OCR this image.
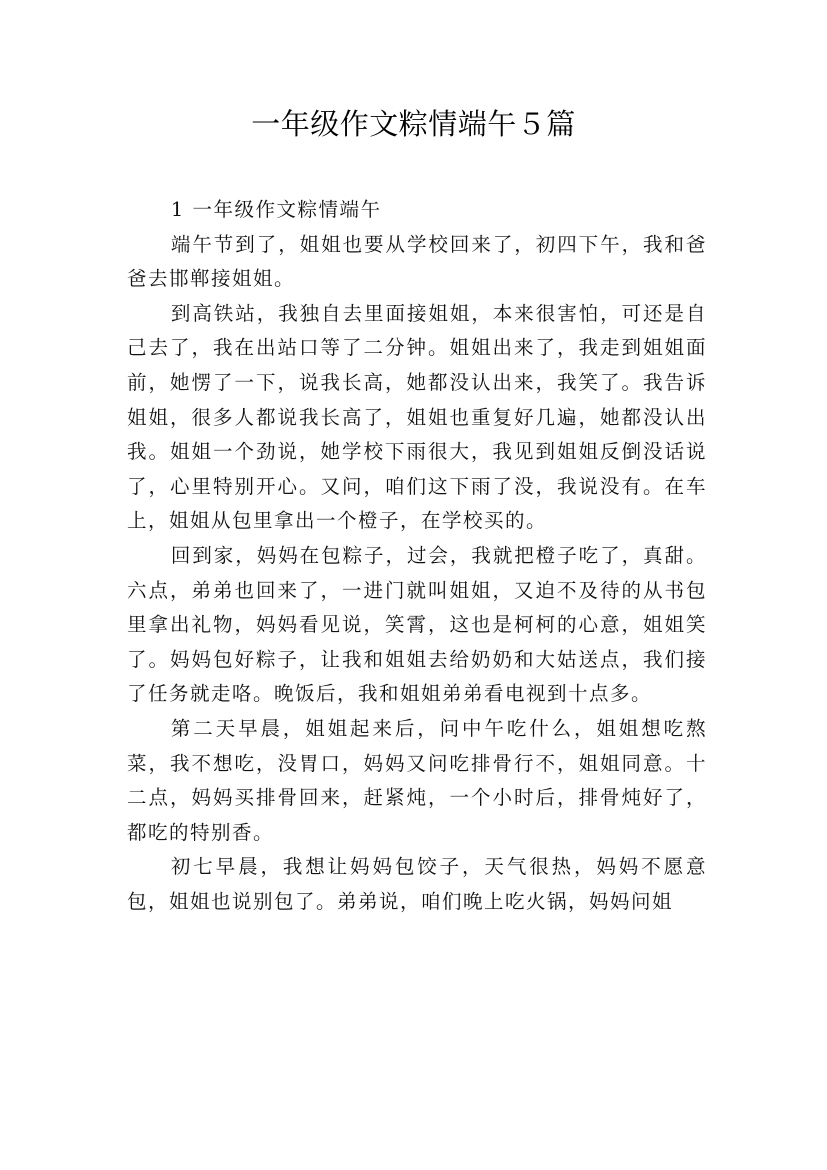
一年级作文粽情端午５篇

1 一年级作文粽情端午

端午节到了，姐姐也要从学校回来了，初四下午，我和爸爸去邯郸接姐姐。

到高铁站，我独自去里面接姐姐，本来很害怕，可还是自己去了，我在出站口等了二分钟。姐姐出来了，我走到姐姐面前，她愣了一下，说我长高，她都没认出来，我笑了。我告诉姐姐，很多人都说我长高了，姐姐也重复好几遍，她都没认出我。姐姐一个劲说，她学校下雨很大，我见到姐姐反倒没话说了，心里特别开心。又问，咱们这下雨了没，我说没有。在车上，姐姐从包里拿出一个橙子，在学校买的。

回到家，妈妈在包粽子，过会，我就把橙子吃了，真甜。六点，弟弟也回来了，一进门就叫姐姐，又迫不及待的从书包里拿出礼物，妈妈看见说，笑霄，这也是柯柯的心意，姐姐笑了。妈妈包好粽子，让我和姐姐去给奶奶和大姑送点，我们接了任务就走咯。晚饭后，我和姐姐弟弟看电视到十点多。

第二天早晨，姐姐起来后，问中午吃什么，姐姐想吃熬菜，我不想吃，没胃口，妈妈又问吃排骨行不，姐姐同意。十二点，妈妈买排骨回来，赶紧炖，一个小时后，排骨炖好了，都吃的特别香。

初七早晨，我想让妈妈包饺子，天气很热，妈妈不愿意包，姐姐也说别包了。弟弟说，咱们晚上吃火锅，妈妈问姐
